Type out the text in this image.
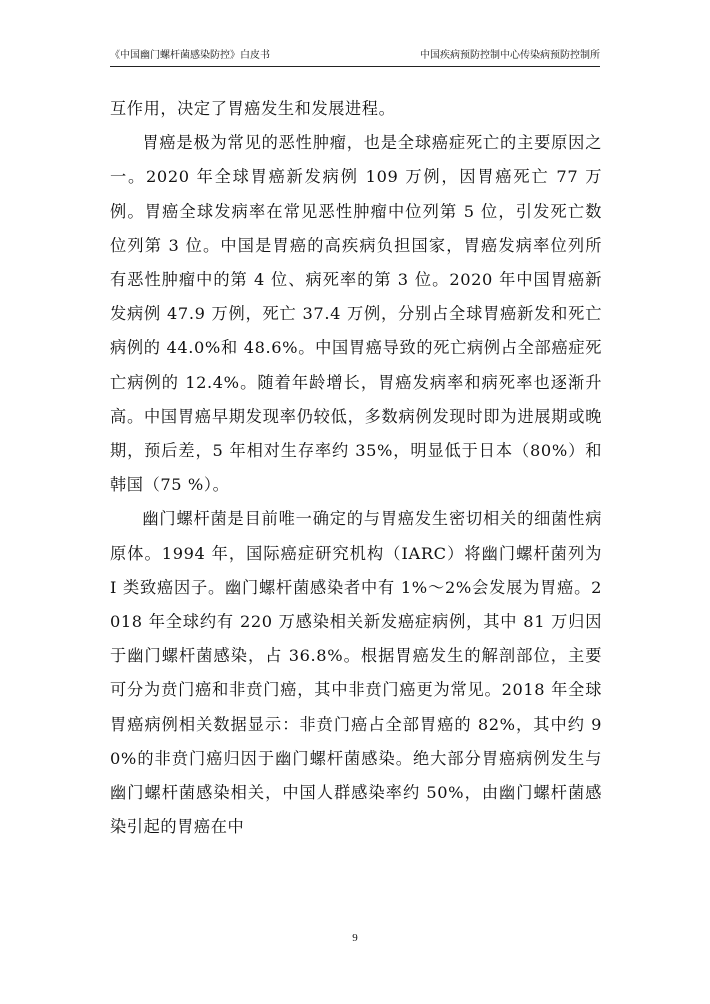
《中国幽门螺杆菌感染防控》白皮书	中国疾病预防控制中心传染病预防控制所

互作用，决定了胃癌发生和发展进程。

胃癌是极为常见的恶性肿瘤，也是全球癌症死亡的主要原因之一。2020 年全球胃癌新发病例 109 万例，因胃癌死亡 77 万例。胃癌全球发病率在常见恶性肿瘤中位列第 5 位，引发死亡数位列第 3 位。中国是胃癌的高疾病负担国家，胃癌发病率位列所有恶性肿瘤中的第 4 位、病死率的第 3 位。2020 年中国胃癌新发病例 47.9 万例，死亡 37.4 万例，分别占全球胃癌新发和死亡病例的 44.0%和 48.6%。中国胃癌导致的死亡病例占全部癌症死亡病例的 12.4%。随着年龄增长，胃癌发病率和病死率也逐渐升高。中国胃癌早期发现率仍较低，多数病例发现时即为进展期或晚期，预后差，5 年相对生存率约 35%，明显低于日本（80%）和韩国（75 %）。

幽门螺杆菌是目前唯一确定的与胃癌发生密切相关的细菌性病原体。1994 年，国际癌症研究机构（IARC）将幽门螺杆菌列为 I 类致癌因子。幽门螺杆菌感染者中有 1%～2%会发展为胃癌。2018 年全球约有 220 万感染相关新发癌症病例，其中 81 万归因于幽门螺杆菌感染，占 36.8%。根据胃癌发生的解剖部位，主要可分为贲门癌和非贲门癌，其中非贲门癌更为常见。2018 年全球胃癌病例相关数据显示：非贲门癌占全部胃癌的 82%，其中约 90%的非贲门癌归因于幽门螺杆菌感染。绝大部分胃癌病例发生与幽门螺杆菌感染相关，中国人群感染率约 50%，由幽门螺杆菌感染引起的胃癌在中

9
